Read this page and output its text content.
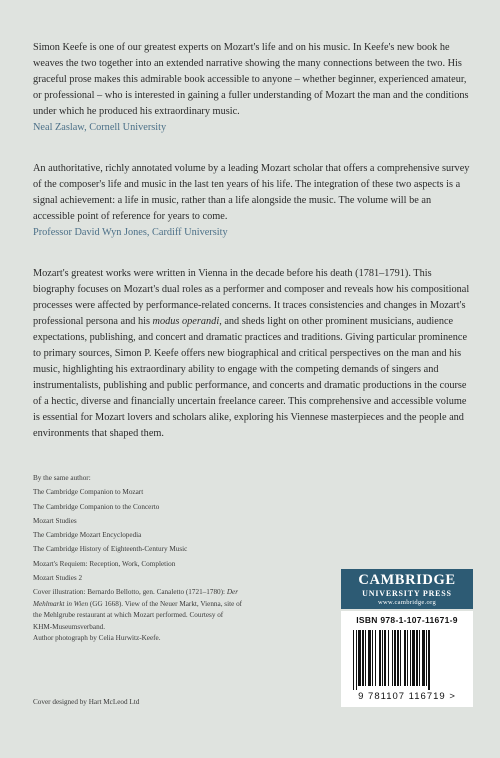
Simon Keefe is one of our greatest experts on Mozart's life and on his music. In Keefe's new book he weaves the two together into an extended narrative showing the many connections between the two. His graceful prose makes this admirable book accessible to anyone – whether beginner, experienced amateur, or professional – who is interested in gaining a fuller understanding of Mozart the man and the conditions under which he produced his extraordinary music.

Neal Zaslaw, Cornell University

An authoritative, richly annotated volume by a leading Mozart scholar that offers a comprehensive survey of the composer's life and music in the last ten years of his life. The integration of these two aspects is a signal achievement: a life in music, rather than a life alongside the music. The volume will be an accessible point of reference for years to come.

Professor David Wyn Jones, Cardiff University

Mozart's greatest works were written in Vienna in the decade before his death (1781–1791). This biography focuses on Mozart's dual roles as a performer and composer and reveals how his compositional processes were affected by performance-related concerns. It traces consistencies and changes in Mozart's professional persona and his modus operandi, and sheds light on other prominent musicians, audience expectations, publishing, and concert and dramatic practices and traditions. Giving particular prominence to primary sources, Simon P. Keefe offers new biographical and critical perspectives on the man and his music, highlighting his extraordinary ability to engage with the competing demands of singers and instrumentalists, publishing and public performance, and concerts and dramatic productions in the course of a hectic, diverse and financially uncertain freelance career. This comprehensive and accessible volume is essential for Mozart lovers and scholars alike, exploring his Viennese masterpieces and the people and environments that shaped them.

By the same author:

The Cambridge Companion to Mozart

The Cambridge Companion to the Concerto

Mozart Studies

The Cambridge Mozart Encyclopedia

The Cambridge History of Eighteenth-Century Music

Mozart's Requiem: Reception, Work, Completion

Mozart Studies 2

Cover illustration: Bernardo Bellotto, gen. Canaletto (1721–1780): Der Mehlmarkt in Wien (GG 1668). View of the Neuer Markt, Vienna, site of the Mehlgrube restaurant at which Mozart performed. Courtesy of KHM-Museumsverband.

Author photograph by Celia Hurwitz-Keefe.

Cover designed by Hart McLeod Ltd

CAMBRIDGE
UNIVERSITY PRESS
www.cambridge.org
ISBN 978-1-107-11671-9
9 781107 116719 >
